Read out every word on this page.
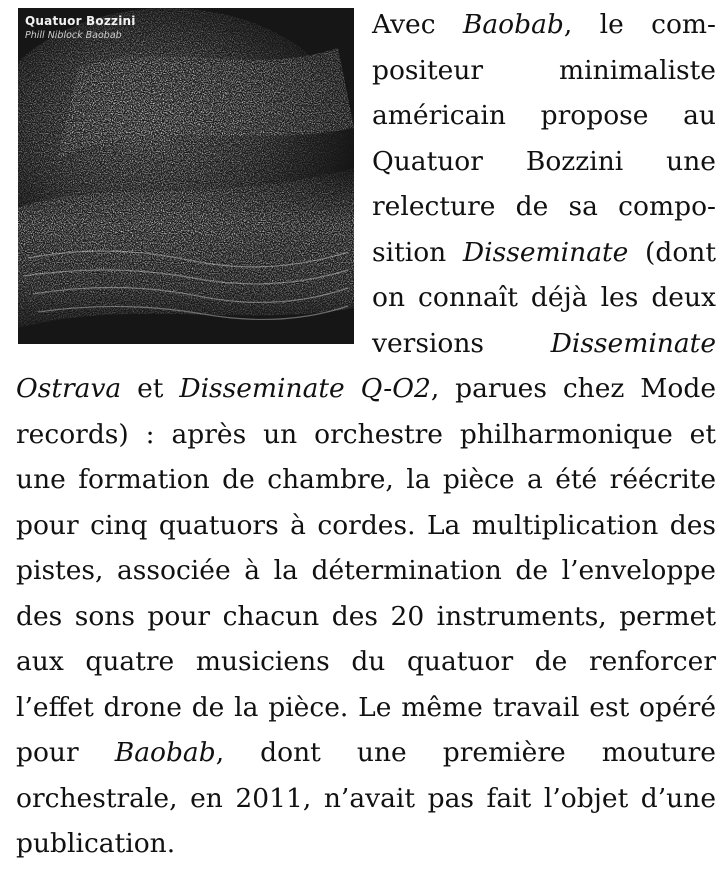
Quatuor Bozzini
Phill Niblock Baobab	Avec Baobab, le compositeur minimaliste américain propose au Quatuor Bozzini une relecture de sa composition Disseminate (dont on connaît déjà les deux versions Disseminate Ostrava et Disseminate Q-O2, parues chez Mode records) : après un orchestre philharmonique et une formation de chambre, la pièce a été réécrite pour cinq quatuors à cordes. La multiplication des pistes, associée à la détermination de l’enveloppe des sons pour chacun des 20 instruments, permet aux quatre musiciens du quatuor de renforcer l’effet drone de la pièce. Le même travail est opéré pour Baobab, dont une première mouture orchestrale, en 2011, n’avait pas fait l’objet d’une publication.
